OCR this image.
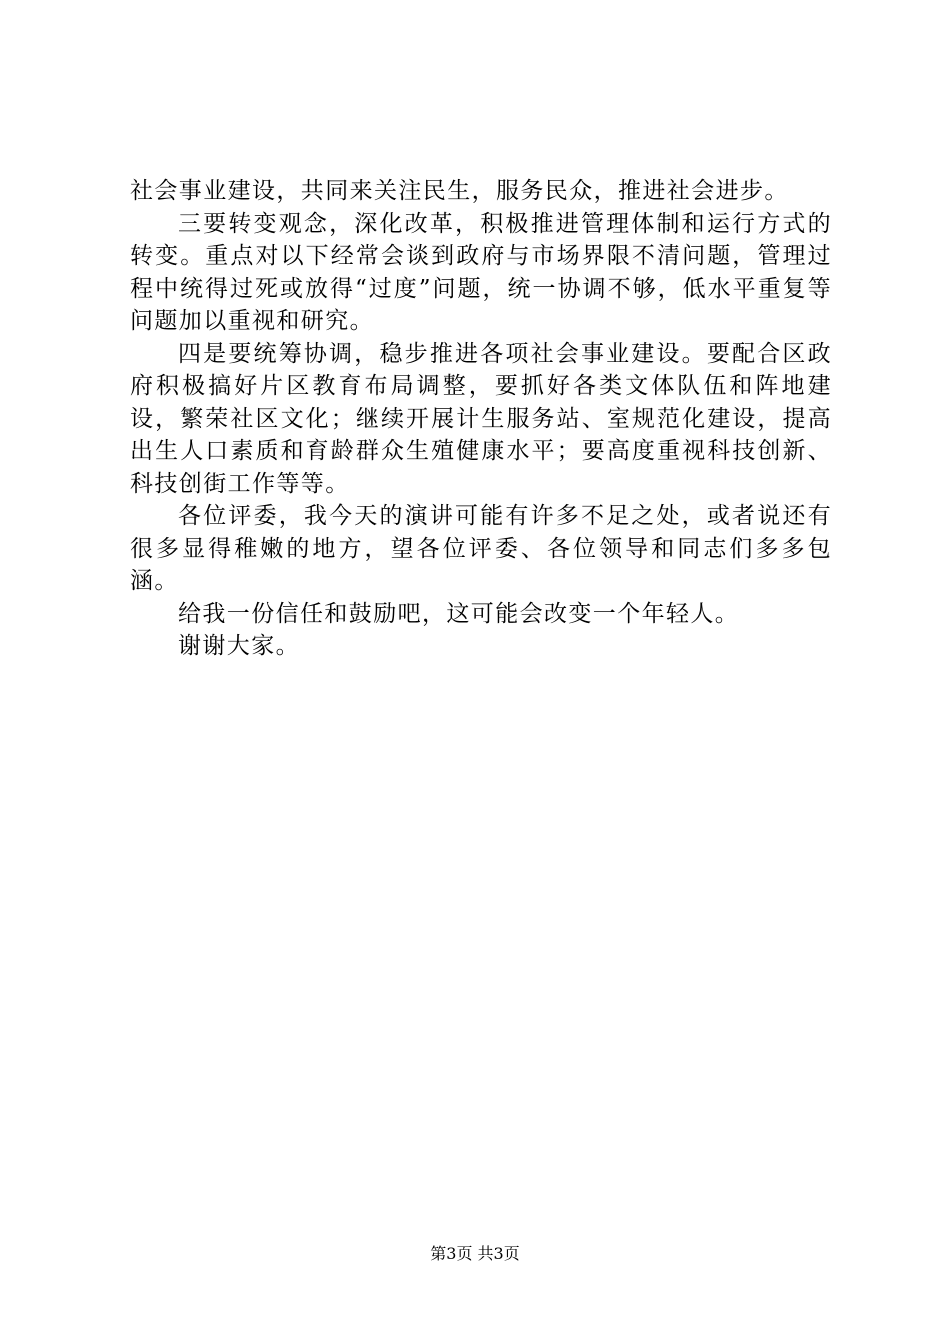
社会事业建设，共同来关注民生，服务民众，推进社会进步。

三要转变观念，深化改革，积极推进管理体制和运行方式的转变。重点对以下经常会谈到政府与市场界限不清问题，管理过程中统得过死或放得“过度”问题，统一协调不够，低水平重复等问题加以重视和研究。

四是要统筹协调，稳步推进各项社会事业建设。要配合区政府积极搞好片区教育布局调整，要抓好各类文体队伍和阵地建设，繁荣社区文化；继续开展计生服务站、室规范化建设，提高出生人口素质和育龄群众生殖健康水平；要高度重视科技创新、科技创街工作等等。

各位评委，我今天的演讲可能有许多不足之处，或者说还有很多显得稚嫩的地方，望各位评委、各位领导和同志们多多包涵。

给我一份信任和鼓励吧，这可能会改变一个年轻人。

谢谢大家。

第3页 共3页
